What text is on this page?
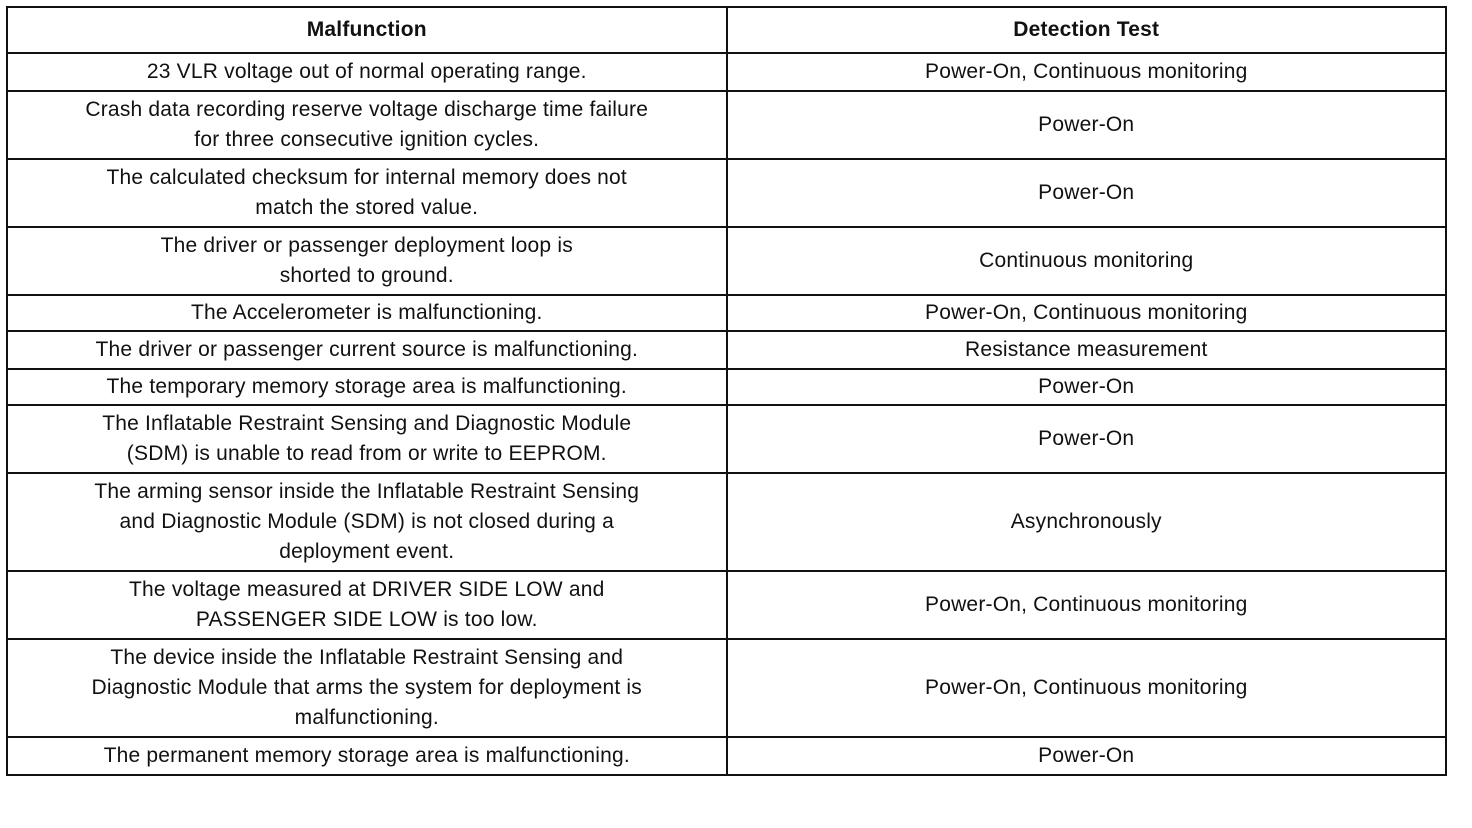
Malfunction	Detection Test

23 VLR voltage out of normal operating range.	Power-On, Continuous monitoring

Crash data recording reserve voltage discharge time failure
for three consecutive ignition cycles.	Power-On

The calculated checksum for internal memory does not
match the stored value.	Power-On

The driver or passenger deployment loop is
shorted to ground.	Continuous monitoring

The Accelerometer is malfunctioning.	Power-On, Continuous monitoring

The driver or passenger current source is malfunctioning.	Resistance measurement

The temporary memory storage area is malfunctioning.	Power-On

The Inflatable Restraint Sensing and Diagnostic Module
(SDM) is unable to read from or write to EEPROM.	Power-On

The arming sensor inside the Inflatable Restraint Sensing
and Diagnostic Module (SDM) is not closed during a
deployment event.	Asynchronously

The voltage measured at DRIVER SIDE LOW and
PASSENGER SIDE LOW is too low.	Power-On, Continuous monitoring

The device inside the Inflatable Restraint Sensing and
Diagnostic Module that arms the system for deployment is
malfunctioning.	Power-On, Continuous monitoring

The permanent memory storage area is malfunctioning.	Power-On
